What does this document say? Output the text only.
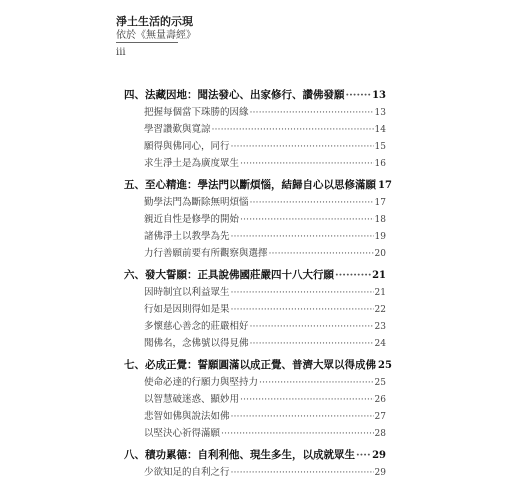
淨土生活的示現
依於《無量壽經》
iii
四、法藏因地：聞法發心、出家修行、讚佛發願 ·····	13
把握每個當下珠勝的因緣 ·····	13
學習讚歎與寬諒 ·····	14
願得與佛同心，同行 ·····	15
求生淨土是為廣度眾生 ·····	16
五、至心精進：學法門以斷煩惱，結歸自心以思修滿願 17
勤學法門為斷除無明煩惱 ·····	17
親近自性是修學的開始 ·····	18
諸佛淨土以教學為先 ·····	19
力行善願前要有所觀察與選擇 ·····	20
六、發大誓願：正具說佛國莊嚴四十八大行願 ·····	21
因時制宜以利益眾生 ·····	21
行如是因則得如是果 ·····	22
多懷慈心善念的莊嚴相好 ·····	23
聞佛名，念佛號以得見佛 ·····	24
七、必成正覺：誓願圓滿以成正覺、普濟大眾以得成佛 25
使命必達的行願力與堅持力 ·····	25
以智慧破迷惑、顯妙用 ·····	26
悲智如佛與說法如佛 ·····	27
以堅決心祈得滿願 ·····	28
八、積功累德：自利利他、現生多生，以成就眾生 ····· 29
少欲知足的自利之行 ·····	29
